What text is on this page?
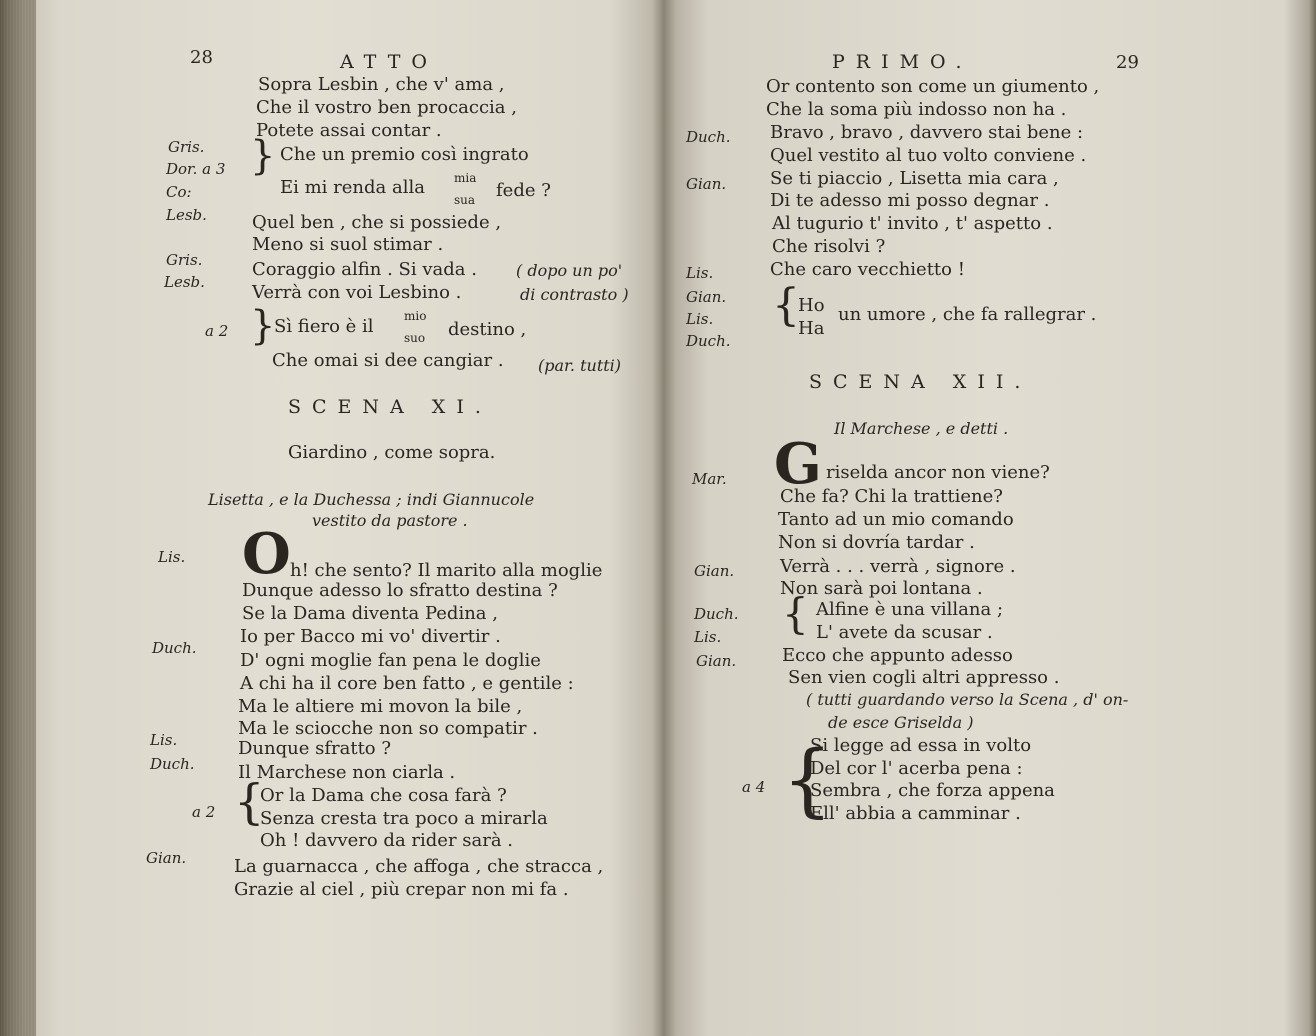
28	ATTO
Sopra Lesbin , che v' ama ,
Che il vostro ben procaccia ,
Potete assai contar .
Gris.
Dor. a 3
Co:
} Che un premio così ingrato
Ei mi renda alla mia
sua fede ?
Lesb.	Quel ben , che si possiede ,
Meno si suol stimar .
Gris.	Coraggio alfin . Si vada . ( dopo un po'
Lesb.	Verrà con voi Lesbino .	di contrasto )
a 2 }
Sì fiero è il	mio
suo destino ,
Che omai si dee cangiar . (par. tutti)
SCENA XI.
Giardino , come sopra.
Lisetta , e la Duchessa ; indi Giannucole
vestito da pastore .
Lis. O h! che sento? Il marito alla moglie
Dunque adesso lo sfratto destina ?
Se la Dama diventa Pedina ,
Io per Bacco mi vo' divertir .
Duch.
D' ogni moglie fan pena le doglie
A chi ha il core ben fatto , e gentile :
Ma le altiere mi movon la bile ,
Ma le sciocche non so compatir .
Lis.	Dunque sfratto ?
Duch. Il Marchese non ciarla .
a 2 {
Or la Dama che cosa farà ?
Senza cresta tra poco a mirarla
Oh ! davvero da rider sarà .
Gian.	La guarnacca , che affoga , che stracca ,
Grazie al ciel , più crepar non mi fa .
PRIMO.	29
Or contento son come un giumento ,
Che la soma più indosso non ha .
Duch. Bravo , bravo , davvero stai bene :
Quel vestito al tuo volto conviene .
Gian. Se ti piaccio , Lisetta mia cara ,
Di te adesso mi posso degnar .
Al tugurio t' invito , t' aspetto .
Che risolvi ?
Lis.	Che caro vecchietto !
Gian.
Lis.
Duch.
{
Ho
Ha
un umore , che fa rallegrar .
SCENA XII.
Il Marchese , e detti .
Mar. G riselda ancor non viene?
Che fa? Chi la trattiene?
Tanto ad un mio comando
Non si dovría tardar .
Gian.	Verrà . . . verrà , signore .
Non sarà poi lontana .
Duch.
Lis. { Alfine è una villana ;
L' avete da scusar .
Gian.	Ecco che appunto adesso
Sen vien cogli altri appresso .
( tutti guardando verso la Scena , d' on-
de esce Griselda )
a 4 {
Si legge ad essa in volto
Del cor l' acerba pena :
Sembra , che forza appena
Ell' abbia a camminar .
